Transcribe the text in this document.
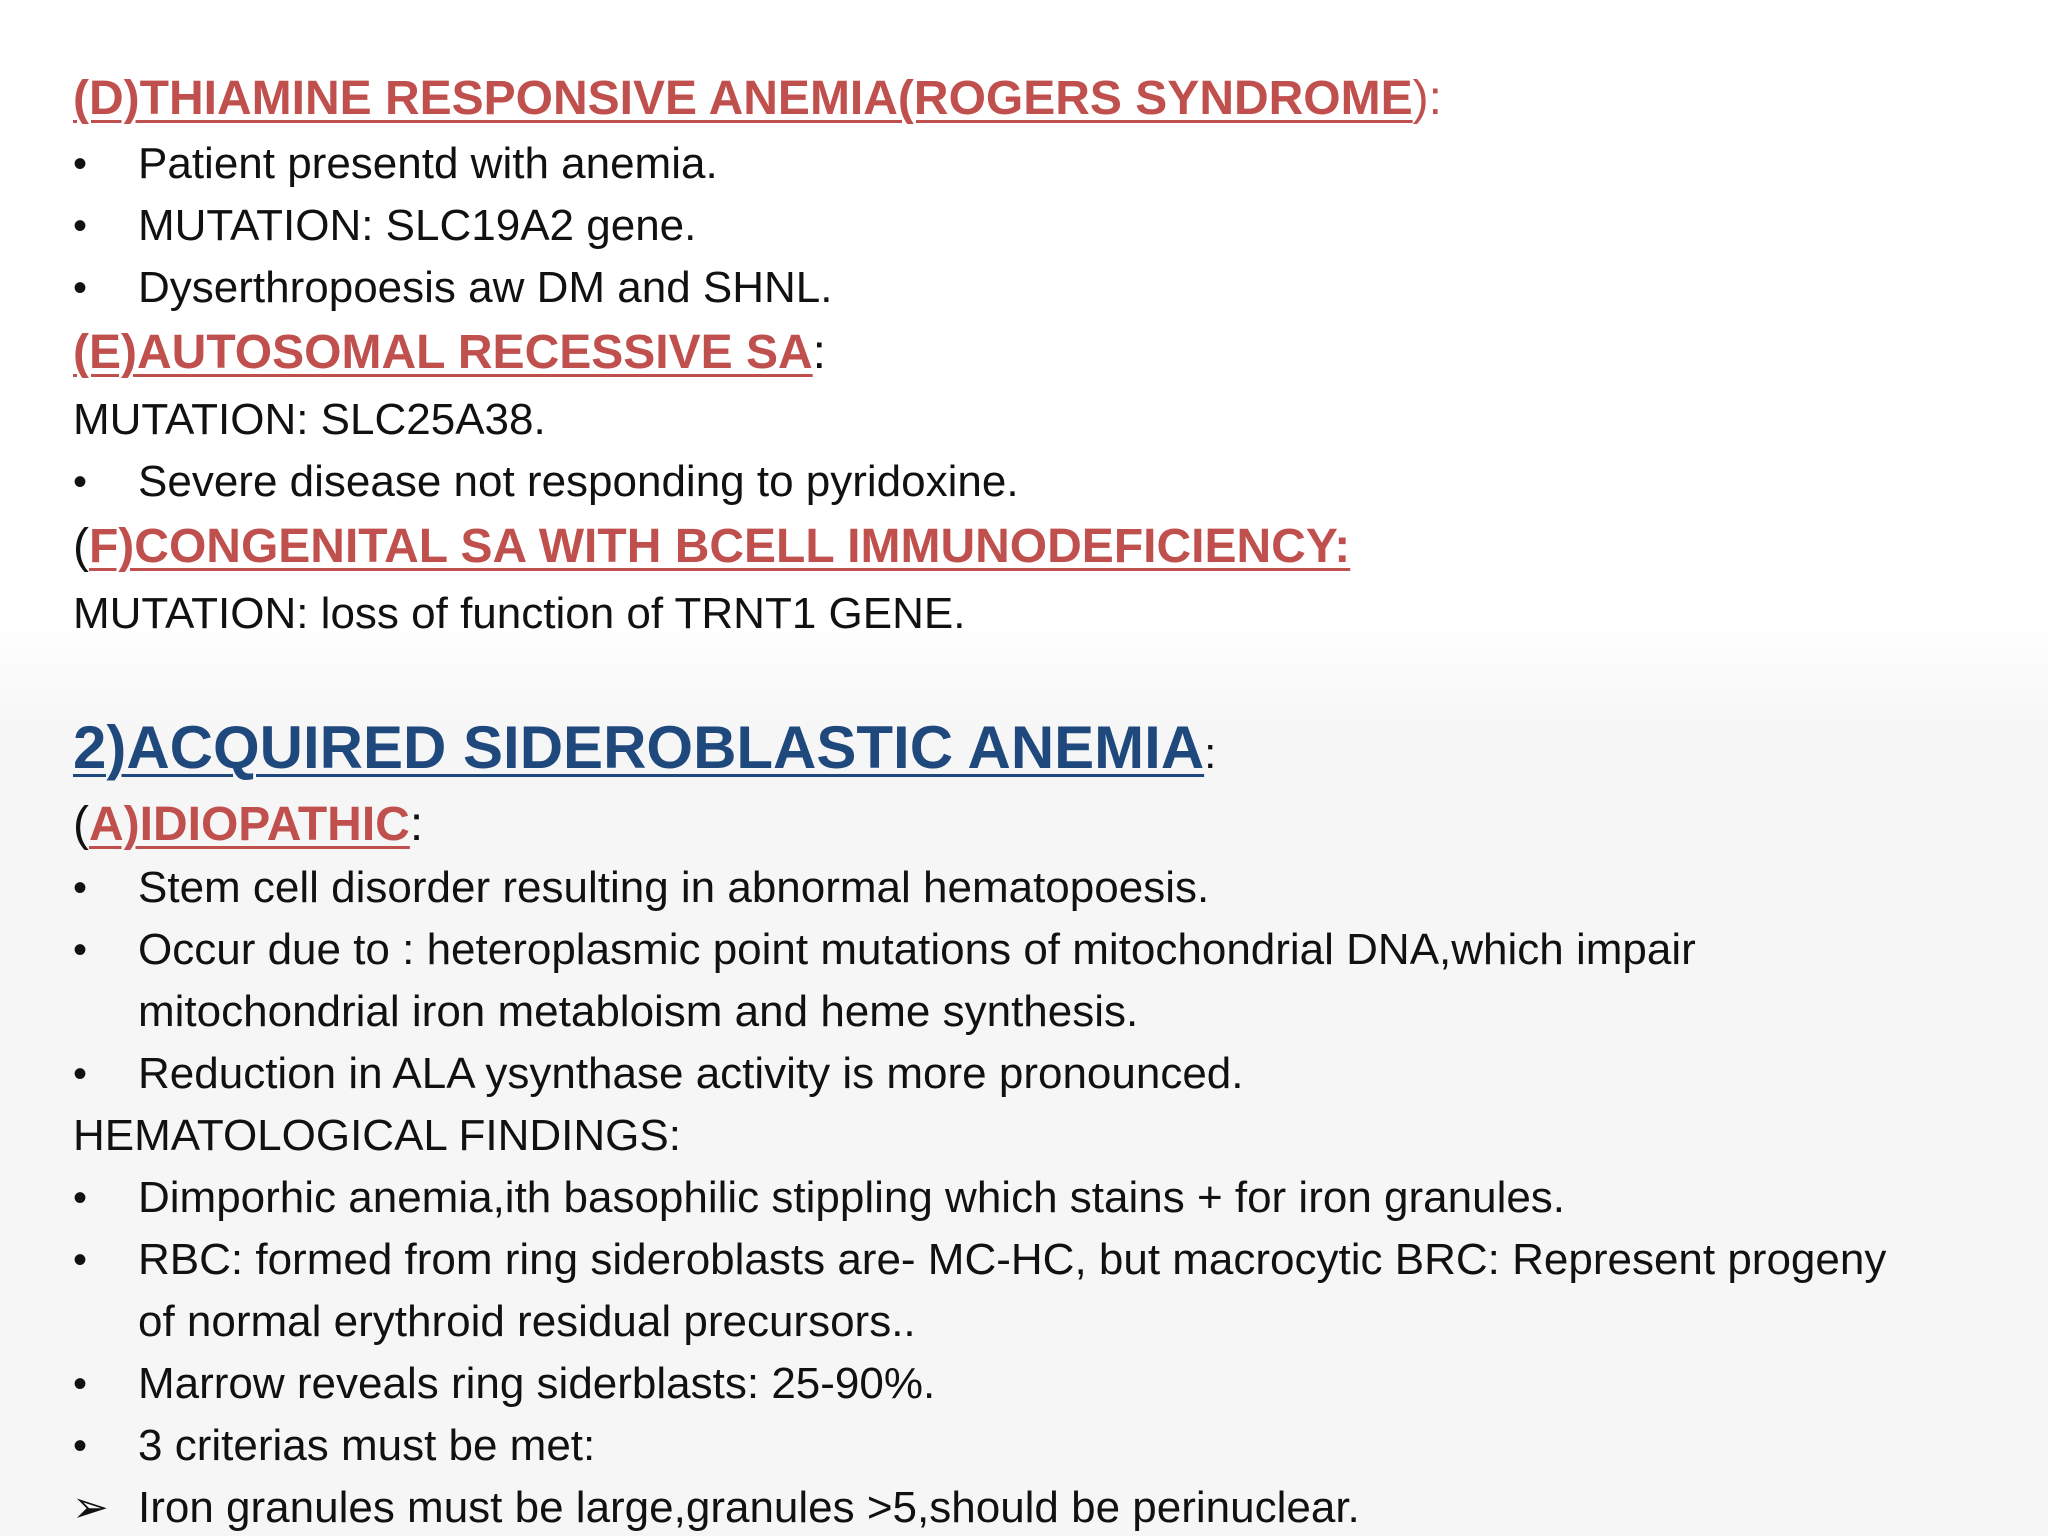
(D)THIAMINE RESPONSIVE ANEMIA(ROGERS SYNDROME):
• Patient presentd with anemia.
• MUTATION: SLC19A2 gene.
• Dyserthropoesis aw DM and SHNL.
(E)AUTOSOMAL RECESSIVE SA:
MUTATION: SLC25A38.
• Severe disease not responding to pyridoxine.
(F)CONGENITAL SA WITH BCELL IMMUNODEFICIENCY:
MUTATION: loss of function of TRNT1 GENE.
2)ACQUIRED SIDEROBLASTIC ANEMIA:
(A)IDIOPATHIC:
• Stem cell disorder resulting in abnormal hematopoesis.
• Occur due to : heteroplasmic point mutations of mitochondrial DNA,which impair
mitochondrial iron metabloism and heme synthesis.
• Reduction in ALA ysynthase activity is more pronounced.
HEMATOLOGICAL FINDINGS:
• Dimporhic anemia,ith basophilic stippling which stains + for iron granules.
• RBC: formed from ring sideroblasts are- MC-HC, but macrocytic BRC: Represent progeny
of normal erythroid residual precursors..
• Marrow reveals ring siderblasts: 25-90%.
• 3 criterias must be met:
➢ Iron granules must be large,granules >5,should be perinuclear.
